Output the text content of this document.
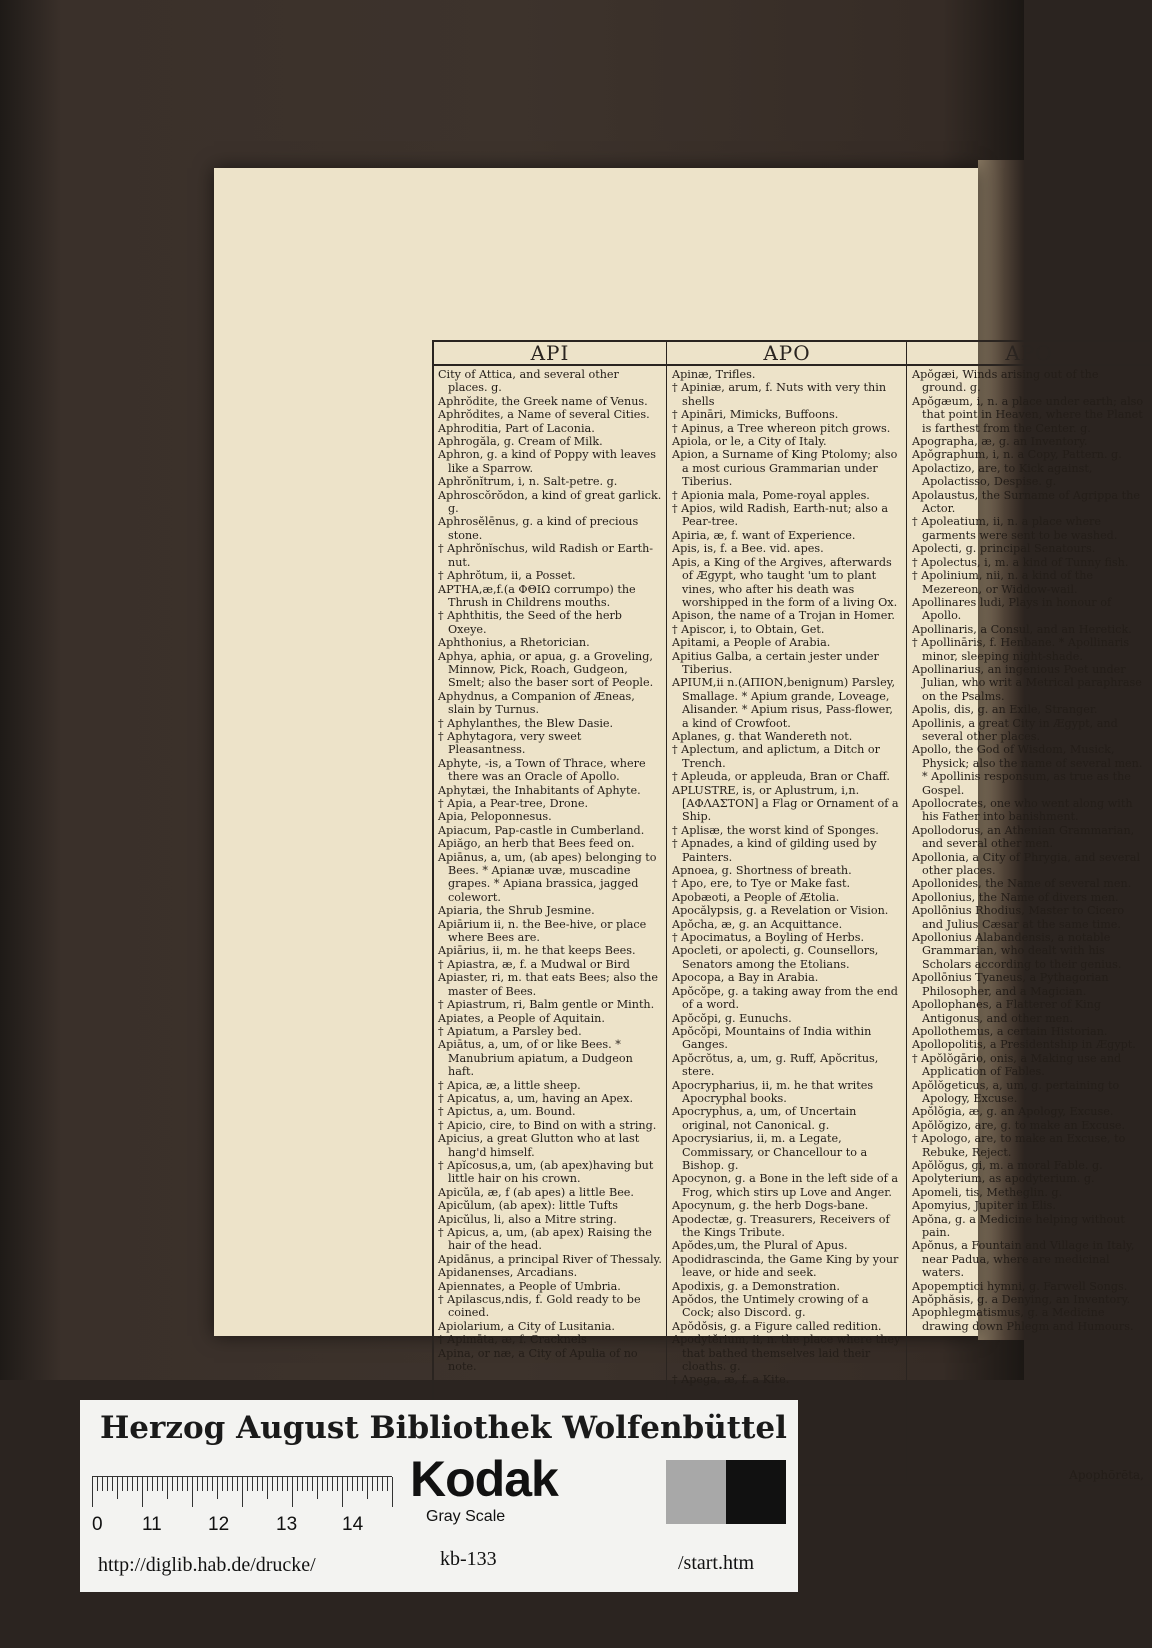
API	APO	APO

City of Attica, and several other places. g.

Aphrŏdite, the Greek name of Venus.

Aphrŏdites, a Name of several Cities.

Aphroditia, Part of Laconia.

Aphrogăla, g. Cream of Milk.

Aphron, g. a kind of Poppy with leaves like a Sparrow.

Aphrŏnĭtrum, i, n. Salt-petre. g.

Aphroscŏrŏdon, a kind of great garlick. g.

Aphrosĕlēnus, g. a kind of precious stone.

† Aphrŏnĭschus, wild Radish or Earth-nut.

† Aphrŏtum, ii, a Posset.

APTHA,æ,f.(a ΦΘΙΩ corrumpo) the Thrush in Childrens mouths.

† Aphthitis, the Seed of the herb Oxeye.

Aphthonius, a Rhetorician.

Aphya, aphia, or apua, g. a Groveling, Minnow, Pick, Roach, Gudgeon, Smelt; also the baser sort of People.

Aphydnus, a Companion of Æneas, slain by Turnus.

† Aphylanthes, the Blew Dasie.

† Aphytagora, very sweet Pleasantness.

Aphyte, -is, a Town of Thrace, where there was an Oracle of Apollo.

Aphytæi, the Inhabitants of Aphyte.

† Apia, a Pear-tree, Drone.

Apia, Peloponnesus.

Apiacum, Pap-castle in Cumberland.

Apiăgo, an herb that Bees feed on.

Apiānus, a, um, (ab apes) belonging to Bees. * Apianæ uvæ, muscadine grapes. * Apiana brassica, jagged colewort.

Apiaria, the Shrub Jesmine.

Apiārium ii, n. the Bee-hive, or place where Bees are.

Apiārius, ii, m. he that keeps Bees.

† Apiastra, æ, f. a Mudwal or Bird

Apiaster, ri, m. that eats Bees; also the master of Bees.

† Apiastrum, ri, Balm gentle or Minth.

Apiates, a People of Aquitain.

† Apiatum, a Parsley bed.

Apiātus, a, um, of or like Bees. * Manubrium apiatum, a Dudgeon haft.

† Apica, æ, a little sheep.

† Apicatus, a, um, having an Apex.

† Apictus, a, um. Bound.

† Apicio, cire, to Bind on with a string.

Apicius, a great Glutton who at last hang'd himself.

† Apĭcosus,a, um, (ab apex)having but little hair on his crown.

Apicŭla, æ, f (ab apes) a little Bee.

Apicŭlum, (ab apex): little Tufts

Apicŭlus, li, also a Mitre string.

† Apicus, a, um, (ab apex) Raising the hair of the head.

Apidānus, a principal River of Thessaly.

Apidanenses, Arcadians.

Apiennates, a People of Umbria.

† Apilascus,ndis, f. Gold ready to be coined.

Apiolarium, a City of Lusitania.

† Apimāta, æ, f. Cracknels

Apina, or næ, a City of Apulia of no note.

Apinæ, Trifles.

† Apiniæ, arum, f. Nuts with very thin shells

† Apināri, Mimicks, Buffoons.

† Apinus, a Tree whereon pitch grows.

Apiola, or le, a City of Italy.

Apion, a Surname of King Ptolomy; also a most curious Grammarian under Tiberius.

† Apionia mala, Pome-royal apples.

† Apios, wild Radish, Earth-nut; also a Pear-tree.

Apiria, æ, f. want of Experience.

Apis, is, f. a Bee. vid. apes.

Apis, a King of the Argives, afterwards of Ægypt, who taught 'um to plant vines, who after his death was worshipped in the form of a living Ox.

Apison, the name of a Trojan in Homer.

† Apiscor, i, to Obtain, Get.

Apitami, a People of Arabia.

Apitius Galba, a certain jester under Tiberius.

APIUM,ii n.(ΑΠΙΟΝ,benignum) Parsley, Smallage. * Apium grande, Loveage, Alisander. * Apium risus, Pass-flower, a kind of Crowfoot.

Aplanes, g. that Wandereth not.

† Aplectum, and aplictum, a Ditch or Trench.

† Apleuda, or appleuda, Bran or Chaff.

APLUSTRE, is, or Aplustrum, i,n. [ΑΦΛΑΣΤΟΝ] a Flag or Ornament of a Ship.

† Aplisæ, the worst kind of Sponges.

† Apnades, a kind of gilding used by Painters.

Apnoea, g. Shortness of breath.

† Apo, ere, to Tye or Make fast.

Apobæoti, a People of Ætolia.

Apocălypsis, g. a Revelation or Vision.

Apŏcha, æ, g. an Acquittance.

† Apocimatus, a Boyling of Herbs.

Apocleti, or apolecti, g. Counsellors, Senators among the Etolians.

Apocopa, a Bay in Arabia.

Apŏcŏpe, g. a taking away from the end of a word.

Apŏcŏpi, g. Eunuchs.

Apŏcŏpi, Mountains of India within Ganges.

Apŏcrŏtus, a, um, g. Ruff, Apŏcritus, stere.

Apocrypharius, ii, m. he that writes Apocryphal books.

Apocryphus, a, um, of Uncertain original, not Canonical. g.

Apocrysiarius, ii, m. a Legate, Commissary, or Chancellour to a Bishop. g.

Apocynon, g. a Bone in the left side of a Frog, which stirs up Love and Anger.

Apocynum, g. the herb Dogs-bane.

Apodectæ, g. Treasurers, Receivers of the Kings Tribute.

Apŏdes,um, the Plural of Apus.

Apodidrascinda, the Game King by your leave, or hide and seek.

Apodixis, g. a Demonstration.

Apŏdos, the Untimely crowing of a Cock; also Discord. g.

Apŏdŏsis, g. a Figure called redition.

Apodytĕrium, ii, n. the place where they that bathed themselves laid their cloaths. g.

† Apega, æ, f. a Kite.

Apŏgæi, Winds arising out of the ground. g.

Apŏgæum, i, n. a place under earth; also that point in Heaven, where the Planet is farthest from the Center. g.

Apographa, æ, g. an Inventory.

Apŏgraphum, i, n. a Copy, Pattern. g.

Apolactizo, are, to Kick against, Apolactisso, Despise. g.

Apolaustus, the Surname of Agrippa the Actor.

† Apoleatium, ii, n. a place where garments were sent to be washed.

Apolecti, g. principal Senatours.

† Apolectus, i, m. a kind of Tunny fish.

† Apolinium, nii, n. a kind of the Mezereon, or Widdow-wail.

Apollinares ludi, Plays in honour of Apollo.

Apollinaris, a Consul, and an Heretick.

† Apollināris, f. Henbane. * Apollinaris minor, sleeping night-shade.

Apollinarius, an ingenious Poet under Julian, who writ a Metrical paraphrase on the Psalms.

Apolis, dis, g. an Exile, Stranger.

Apollinis, a great City in Ægypt, and several other places.

Apollo, the God of Wisdom, Musick, Physick; also the name of several men. * Apollinis responsum, as true as the Gospel.

Apollocrates, one who went along with his Father into banishment.

Apollodorus, an Athenian Grammarian, and several other men.

Apollonia, a City of Phrygia, and several other places.

Apollonides, the Name of several men.

Apollonius, the Name of divers men.

Apollōnius Rhodius, Master to Cicero and Julius Cæsar at the same time.

Apollonius Alabandensis, a notable Grammarian, who dealt with his Scholars according to their genius.

Apollōnius Tyaneus, a Pythagorian Philosopher, and a Magician.

Apollophanes, a Flatterer of King Antigonus, and other men.

Apollothemus, a certain Historian.

Apollopolitis, a Presidentship in Ægypt.

† Apŏlŏgārio, onis, a Making use and Application of Fables.

Apŏlŏgeticus, a, um, g. pertaining to Apology, Excuse.

Apŏlŏgia, æ, g. an Apology, Excuse.

Apŏlŏgizo, are, g. to make an Excuse.

† Apologo, are, to make an Excuse, to Rebuke, Reject.

Apŏlŏgus, gi, m. a moral Fable. g.

Apolyterium, as apodyterium. g.

Apomeli, tis, Metheglin. g.

Apomyius, Jupiter in Elis.

Apŏna, g. a Medicine helping without pain.

Apŏnus, a Fountain and Village in Italy, near Padua, where are medicinal waters.

Apopemptici hymni, g. Farwell Songs.

Apŏphăsis, g. a Denying, an Inventory.

Apophlegmatismus, g. a Medicine drawing down Phlegm and Humours.

Apophōrēta,
Herzog August Bibliothek Wolfenbüttel
0 11 12 13 14
Kodak
Gray Scale
http://diglib.hab.de/drucke/	kb-133	/start.htm
